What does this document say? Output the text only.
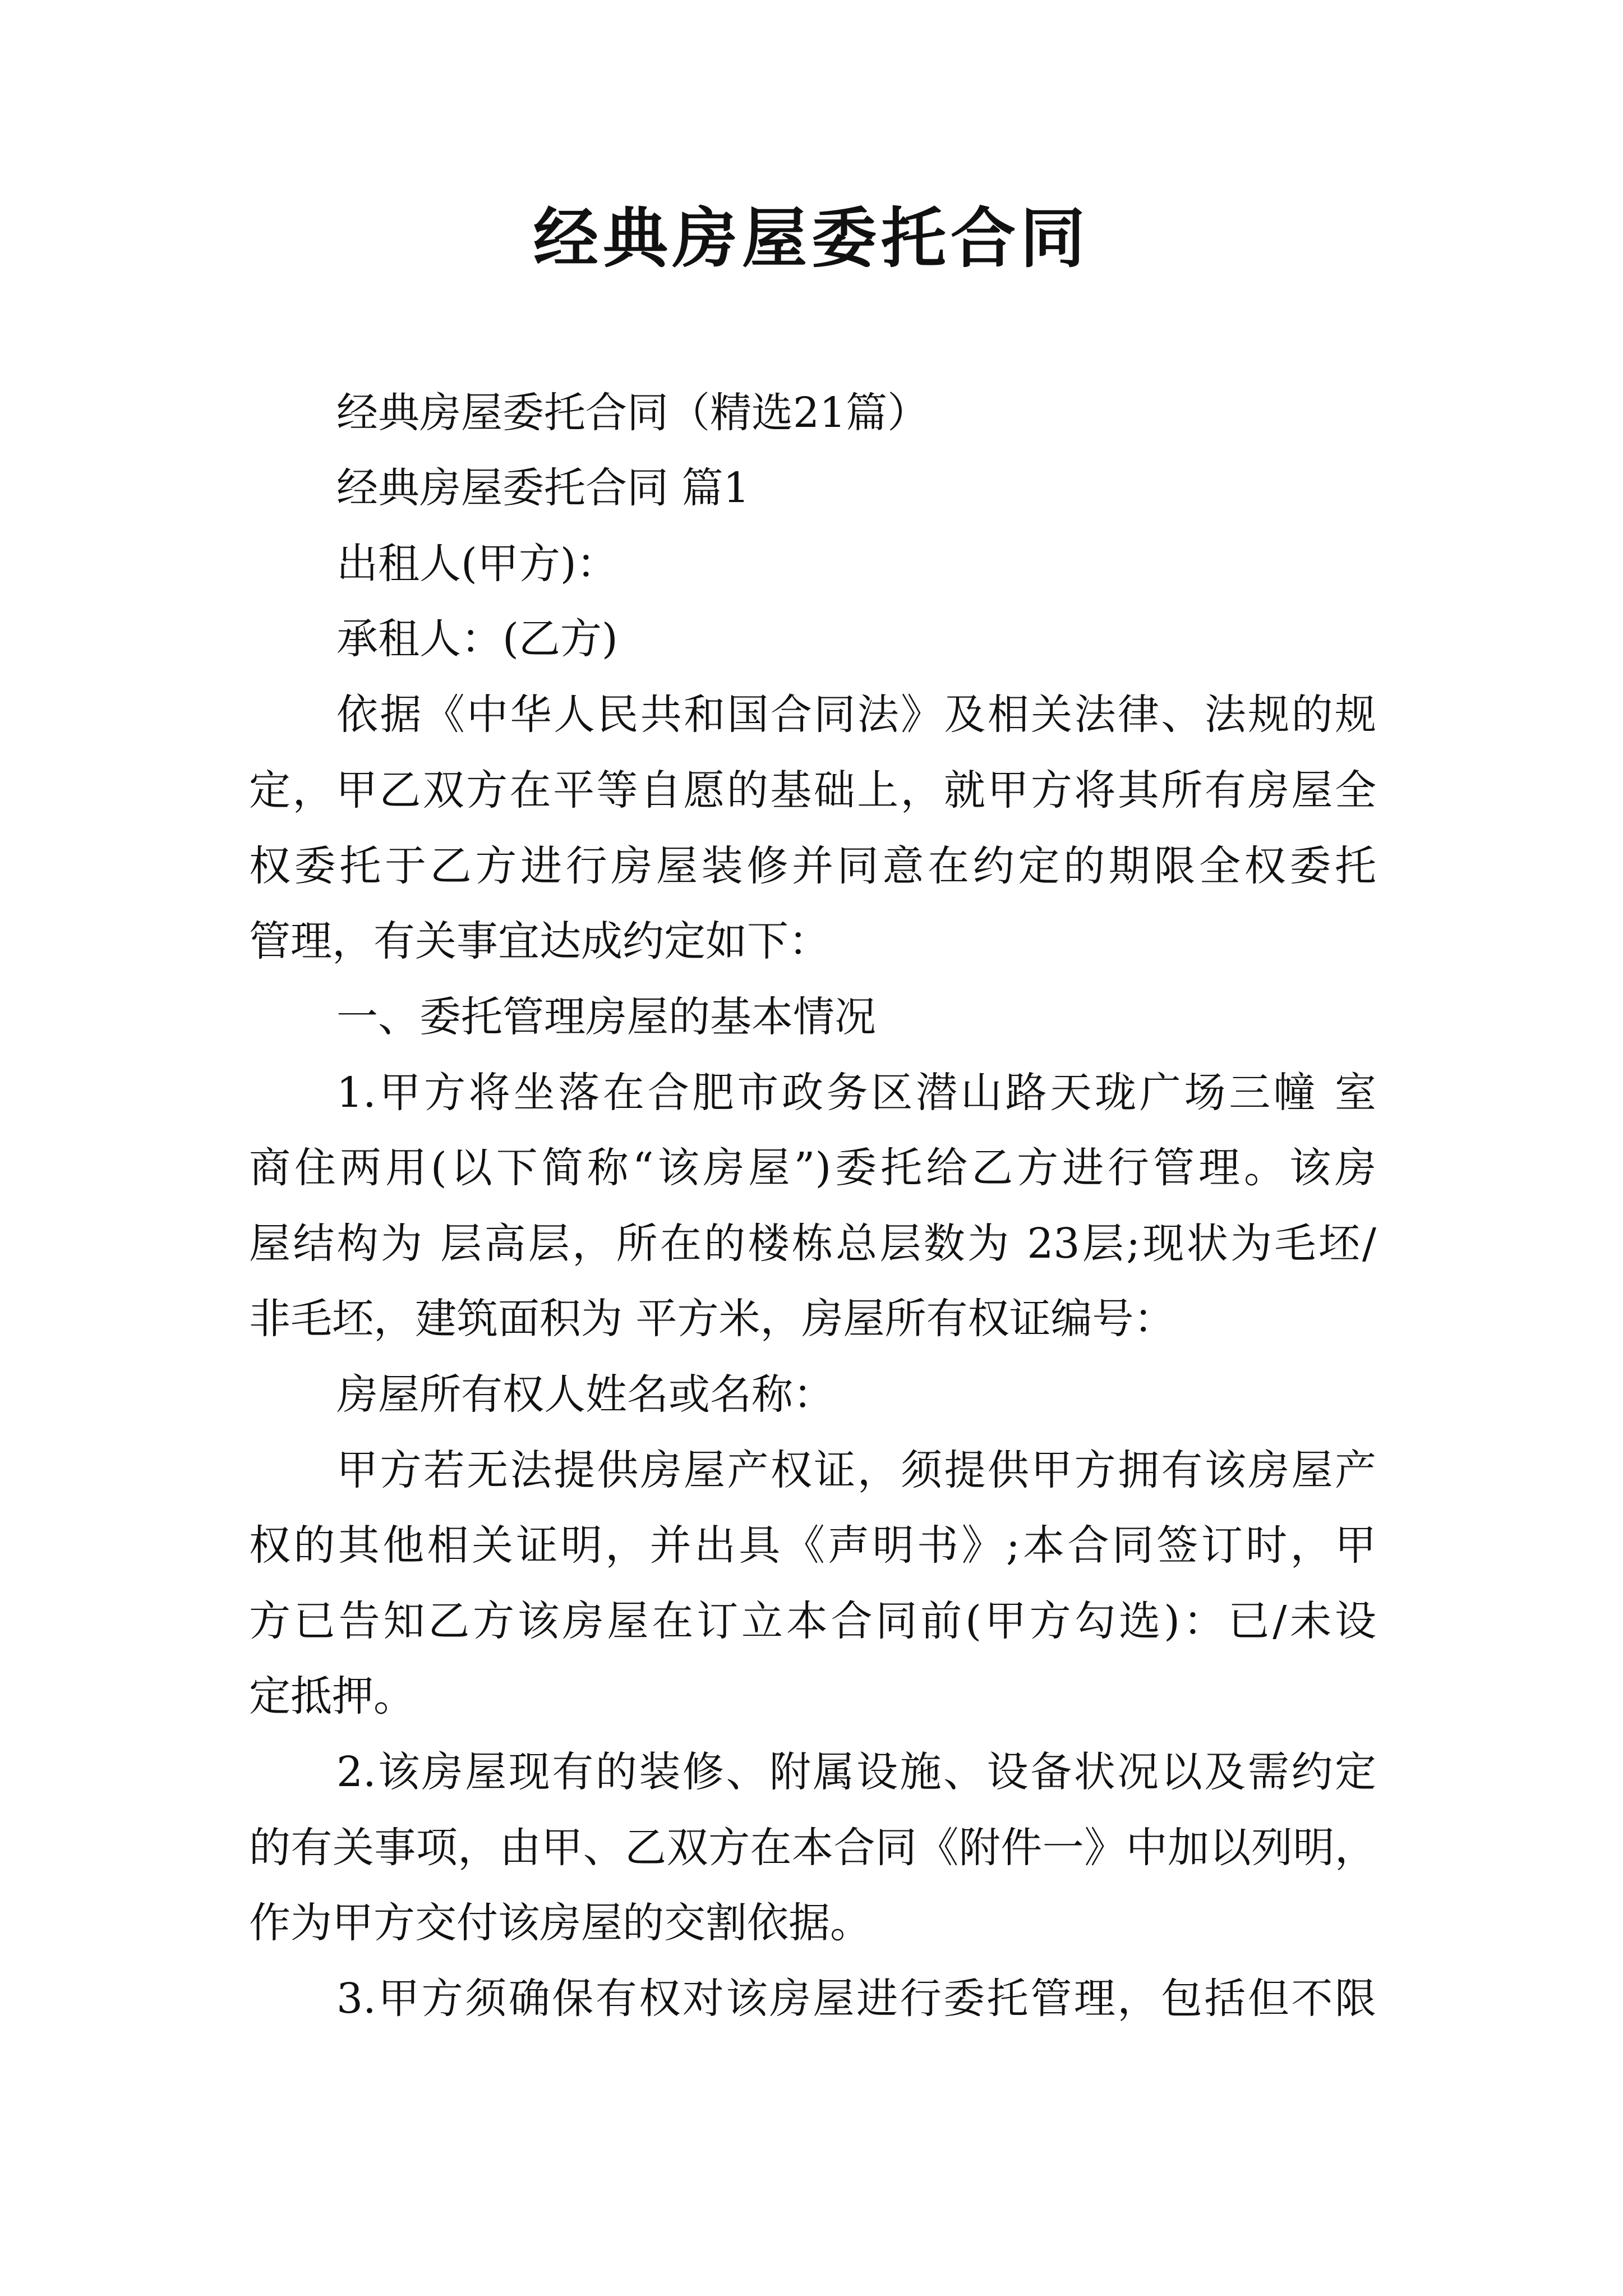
经典房屋委托合同

经典房屋委托合同（精选21篇）

经典房屋委托合同 篇1

出租人(甲方)：

承租人：(乙方)

依据《中华人民共和国合同法》及相关法律、法规的规

定，甲乙双方在平等自愿的基础上，就甲方将其所有房屋全

权委托于乙方进行房屋装修并同意在约定的期限全权委托

管理，有关事宜达成约定如下：

一、委托管理房屋的基本情况

1.甲方将坐落在合肥市政务区潜山路天珑广场三幢 室

商住两用(以下简称“该房屋”)委托给乙方进行管理。该房

屋结构为 层高层，所在的楼栋总层数为 23层;现状为毛坯/

非毛坯，建筑面积为 平方米，房屋所有权证编号：

房屋所有权人姓名或名称：

甲方若无法提供房屋产权证，须提供甲方拥有该房屋产

权的其他相关证明，并出具《声明书》;本合同签订时，甲

方已告知乙方该房屋在订立本合同前(甲方勾选)：已/未设

定抵押。

2.该房屋现有的装修、附属设施、设备状况以及需约定

的有关事项，由甲、乙双方在本合同《附件一》中加以列明，

作为甲方交付该房屋的交割依据。

3.甲方须确保有权对该房屋进行委托管理，包括但不限
